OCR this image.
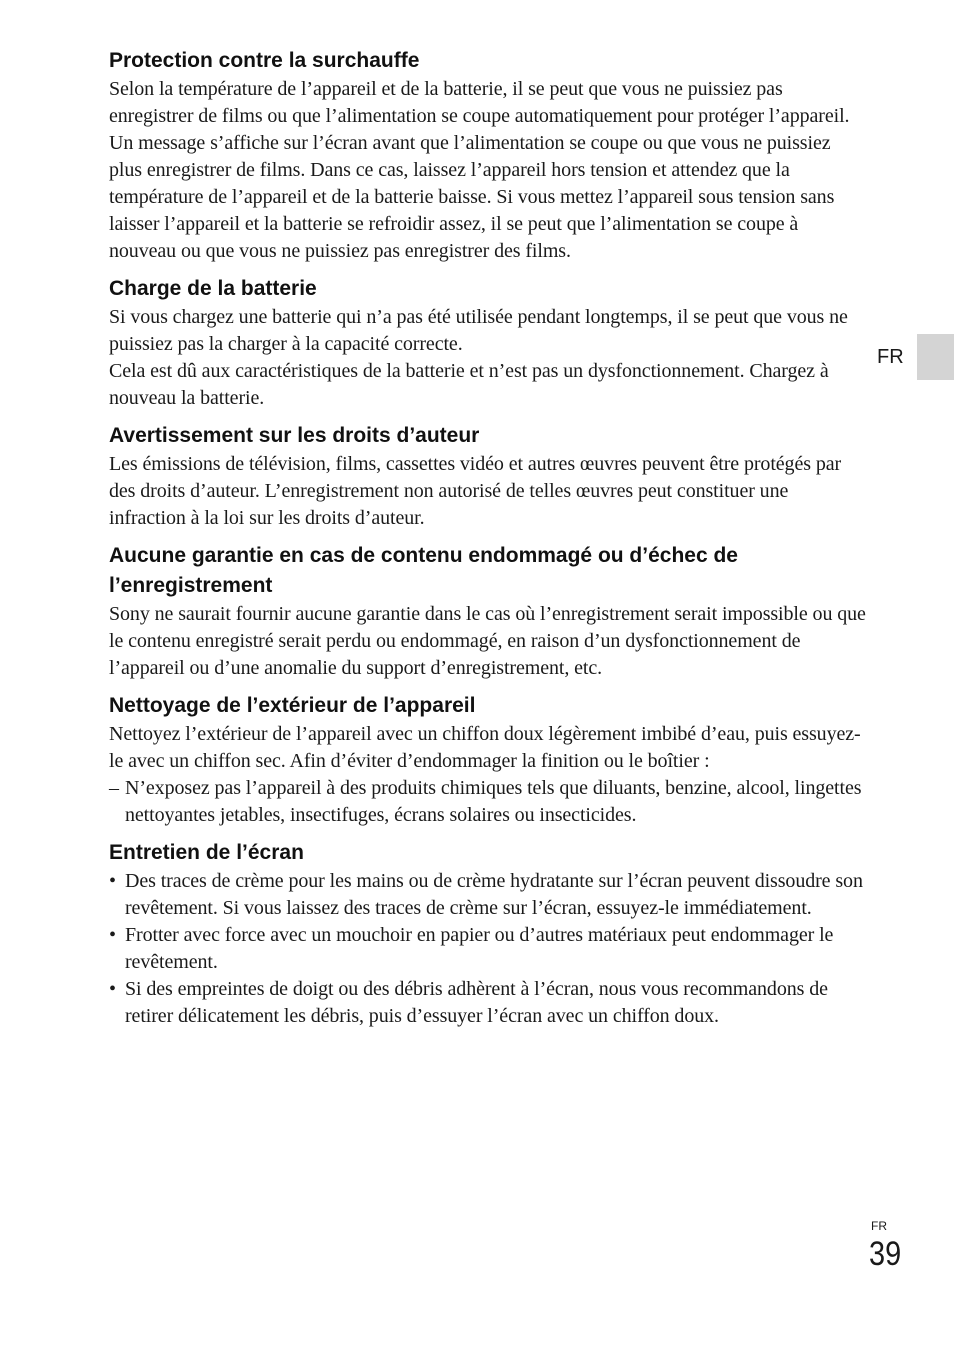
Protection contre la surchauffe

Selon la température de l’appareil et de la batterie, il se peut que vous ne puissiez pas enregistrer de films ou que l’alimentation se coupe automatiquement pour protéger l’appareil.

Un message s’affiche sur l’écran avant que l’alimentation se coupe ou que vous ne puissiez plus enregistrer de films. Dans ce cas, laissez l’appareil hors tension et attendez que la température de l’appareil et de la batterie baisse. Si vous mettez l’appareil sous tension sans laisser l’appareil et la batterie se refroidir assez, il se peut que l’alimentation se coupe à nouveau ou que vous ne puissiez pas enregistrer des films.

Charge de la batterie

Si vous chargez une batterie qui n’a pas été utilisée pendant longtemps, il se peut que vous ne puissiez pas la charger à la capacité correcte.

Cela est dû aux caractéristiques de la batterie et n’est pas un dysfonctionnement. Chargez à nouveau la batterie.

Avertissement sur les droits d’auteur

Les émissions de télévision, films, cassettes vidéo et autres œuvres peuvent être protégés par des droits d’auteur. L’enregistrement non autorisé de telles œuvres peut constituer une infraction à la loi sur les droits d’auteur.

Aucune garantie en cas de contenu endommagé ou d’échec de l’enregistrement

Sony ne saurait fournir aucune garantie dans le cas où l’enregistrement serait impossible ou que le contenu enregistré serait perdu ou endommagé, en raison d’un dysfonctionnement de l’appareil ou d’une anomalie du support d’enregistrement, etc.

Nettoyage de l’extérieur de l’appareil

Nettoyez l’extérieur de l’appareil avec un chiffon doux légèrement imbibé d’eau, puis essuyez-le avec un chiffon sec. Afin d’éviter d’endommager la finition ou le boîtier :

– N’exposez pas l’appareil à des produits chimiques tels que diluants, benzine, alcool, lingettes nettoyantes jetables, insectifuges, écrans solaires ou insecticides.
Entretien de l’écran
• Des traces de crème pour les mains ou de crème hydratante sur l’écran peuvent dissoudre son revêtement. Si vous laissez des traces de crème sur l’écran, essuyez-le immédiatement.
• Frotter avec force avec un mouchoir en papier ou d’autres matériaux peut endommager le revêtement.
• Si des empreintes de doigt ou des débris adhèrent à l’écran, nous vous recommandons de retirer délicatement les débris, puis d’essuyer l’écran avec un chiffon doux.
FR
FR
39
